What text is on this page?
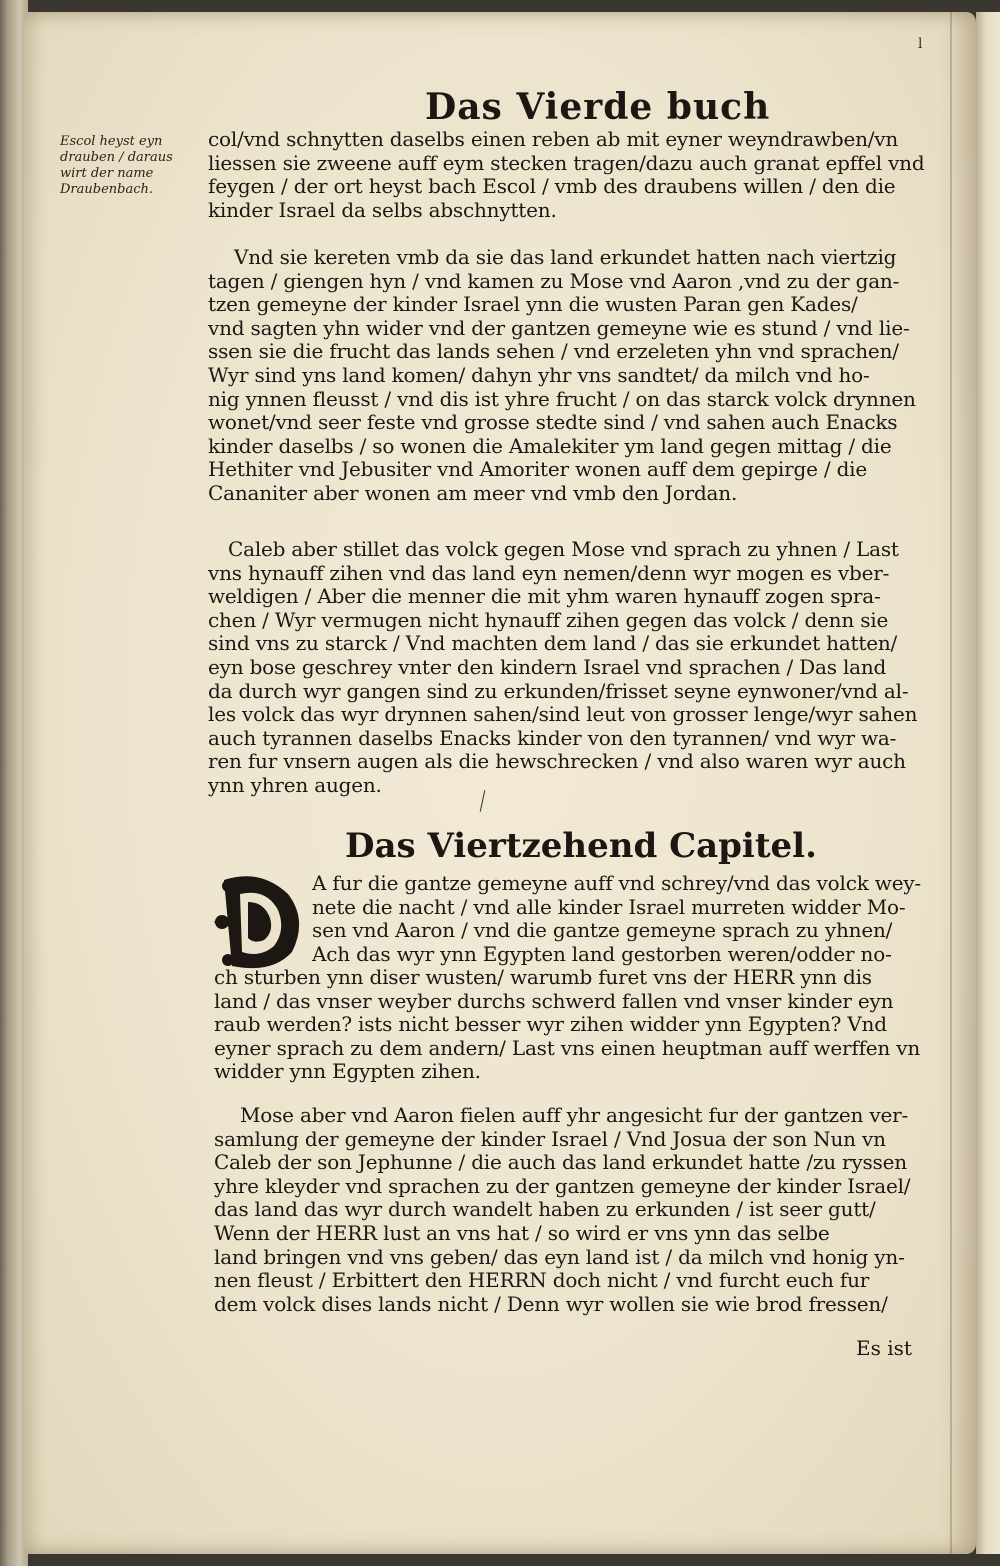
l
Das Vierde buch
Escol heyst eyn
drauben / daraus
wirt der name
Draubenbach.
col/vnd schnytten daselbs einen reben ab mit eyner weyndrawben/vn
liessen sie zweene auff eym stecken tragen/dazu auch granat epffel vnd
feygen / der ort heyst bach Escol / vmb des draubens willen / den die
kinder Israel da selbs abschnytten.
Vnd sie kereten vmb da sie das land erkundet hatten nach viertzig
tagen / giengen hyn / vnd kamen zu Mose vnd Aaron ,vnd zu der gan-
tzen gemeyne der kinder Israel ynn die wusten Paran gen Kades/
vnd sagten yhn wider vnd der gantzen gemeyne wie es stund / vnd lie-
ssen sie die frucht das lands sehen / vnd erzeleten yhn vnd sprachen/
Wyr sind yns land komen/ dahyn yhr vns sandtet/ da milch vnd ho-
nig ynnen fleusst / vnd dis ist yhre frucht / on das starck volck drynnen
wonet/vnd seer feste vnd grosse stedte sind / vnd sahen auch Enacks
kinder daselbs / so wonen die Amalekiter ym land gegen mittag / die
Hethiter vnd Jebusiter vnd Amoriter wonen auff dem gepirge / die
Cananiter aber wonen am meer vnd vmb den Jordan.
Caleb aber stillet das volck gegen Mose vnd sprach zu yhnen / Last
vns hynauff zihen vnd das land eyn nemen/denn wyr mogen es vber-
weldigen / Aber die menner die mit yhm waren hynauff zogen spra-
chen / Wyr vermugen nicht hynauff zihen gegen das volck / denn sie
sind vns zu starck / Vnd machten dem land / das sie erkundet hatten/
eyn bose geschrey vnter den kindern Israel vnd sprachen / Das land
da durch wyr gangen sind zu erkunden/frisset seyne eynwoner/vnd al-
les volck das wyr drynnen sahen/sind leut von grosser lenge/wyr sahen
auch tyrannen daselbs Enacks kinder von den tyrannen/ vnd wyr wa-
ren fur vnsern augen als die hewschrecken / vnd also waren wyr auch
ynn yhren augen.
Das Viertzehend Capitel.
A fur die gantze gemeyne auff vnd schrey/vnd das volck wey-
nete die nacht / vnd alle kinder Israel murreten widder Mo-
sen vnd Aaron / vnd die gantze gemeyne sprach zu yhnen/
Ach das wyr ynn Egypten land gestorben weren/odder no-
ch sturben ynn diser wusten/ warumb furet vns der HERR ynn dis
land / das vnser weyber durchs schwerd fallen vnd vnser kinder eyn
raub werden? ists nicht besser wyr zihen widder ynn Egypten? Vnd
eyner sprach zu dem andern/ Last vns einen heuptman auff werffen vn
widder ynn Egypten zihen.
Mose aber vnd Aaron fielen auff yhr angesicht fur der gantzen ver-
samlung der gemeyne der kinder Israel / Vnd Josua der son Nun vn
Caleb der son Jephunne / die auch das land erkundet hatte /zu ryssen
yhre kleyder vnd sprachen zu der gantzen gemeyne der kinder Israel/
das land das wyr durch wandelt haben zu erkunden / ist seer gutt/
Wenn der HERR lust an vns hat / so wird er vns ynn das selbe
land bringen vnd vns geben/ das eyn land ist / da milch vnd honig yn-
nen fleust / Erbittert den HERRN doch nicht / vnd furcht euch fur
dem volck dises lands nicht / Denn wyr wollen sie wie brod fressen/
Es ist
